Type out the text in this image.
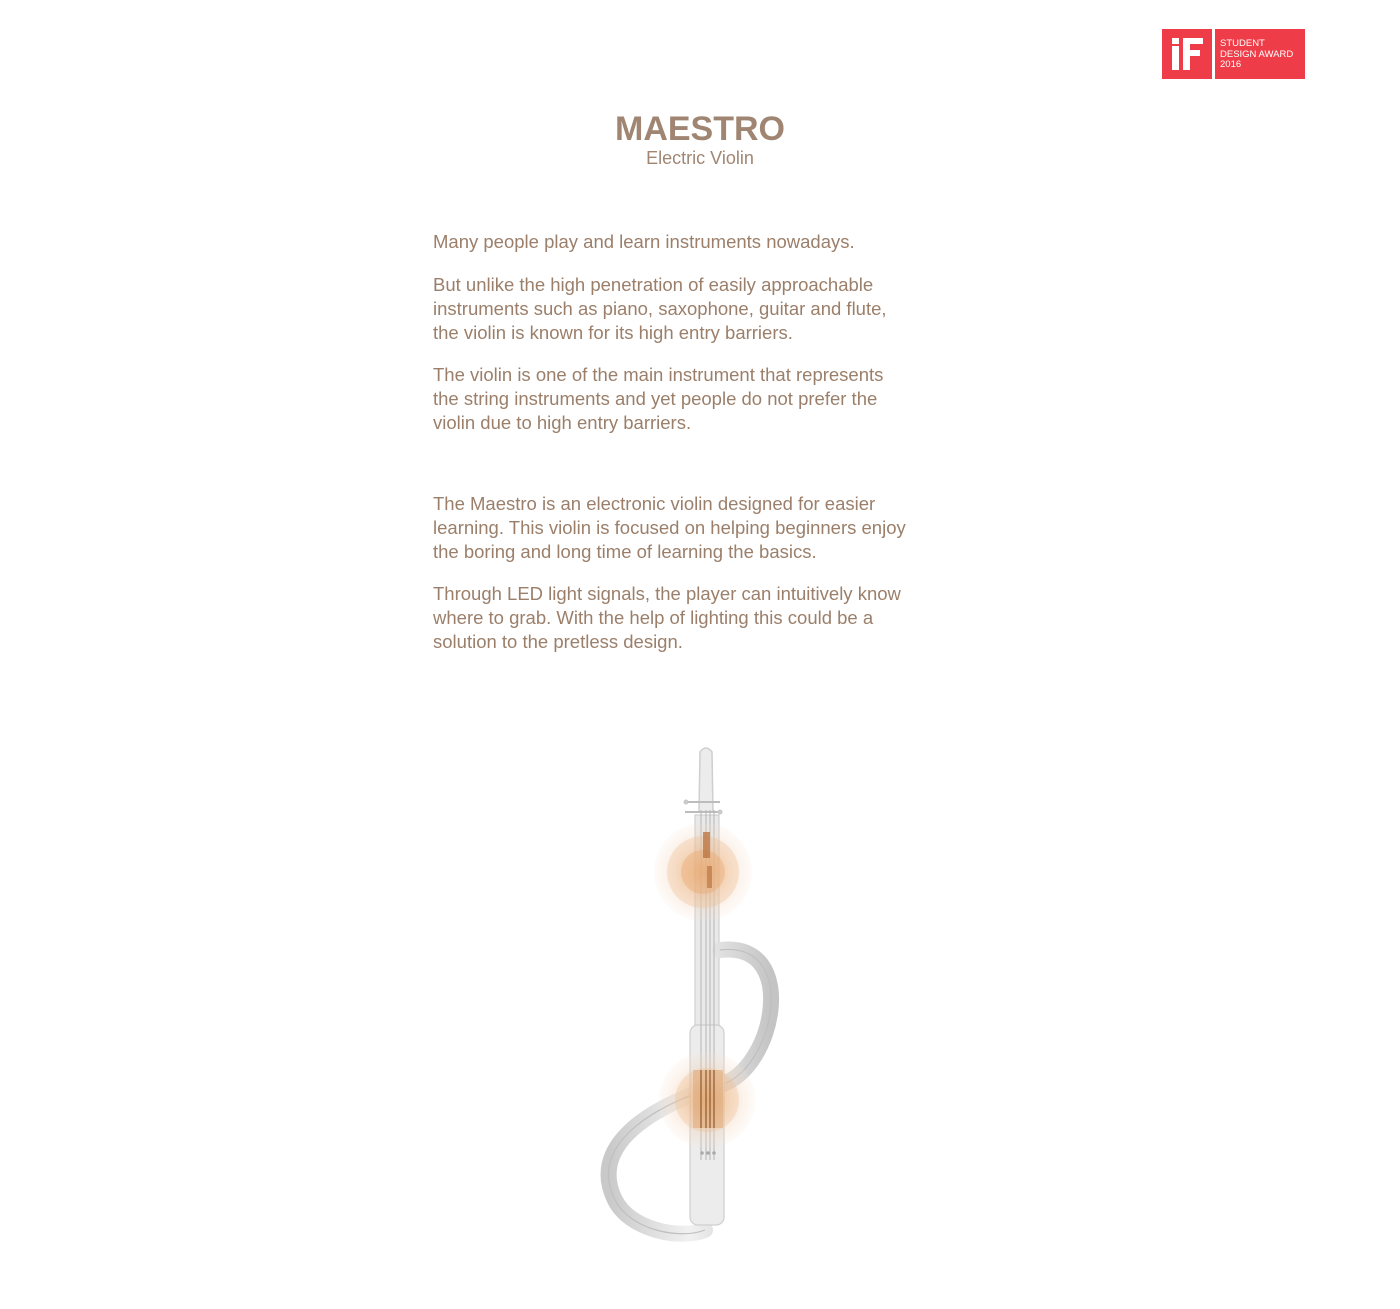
STUDENT
DESIGN AWARD
2016
MAESTRO
Electric Violin

Many people play and learn instruments nowadays.

But unlike the high penetration of easily approachable
instruments such as piano, saxophone, guitar and flute,
the violin is known for its high entry barriers.

The violin is one of the main instrument that represents
the string instruments and yet people do not prefer the
violin due to high entry barriers.

The Maestro is an electronic violin designed for easier
learning. This violin is focused on helping beginners enjoy
the boring and long time of learning the basics.

Through LED light signals, the player can intuitively know
where to grab. With the help of lighting this could be a
solution to the pretless design.
